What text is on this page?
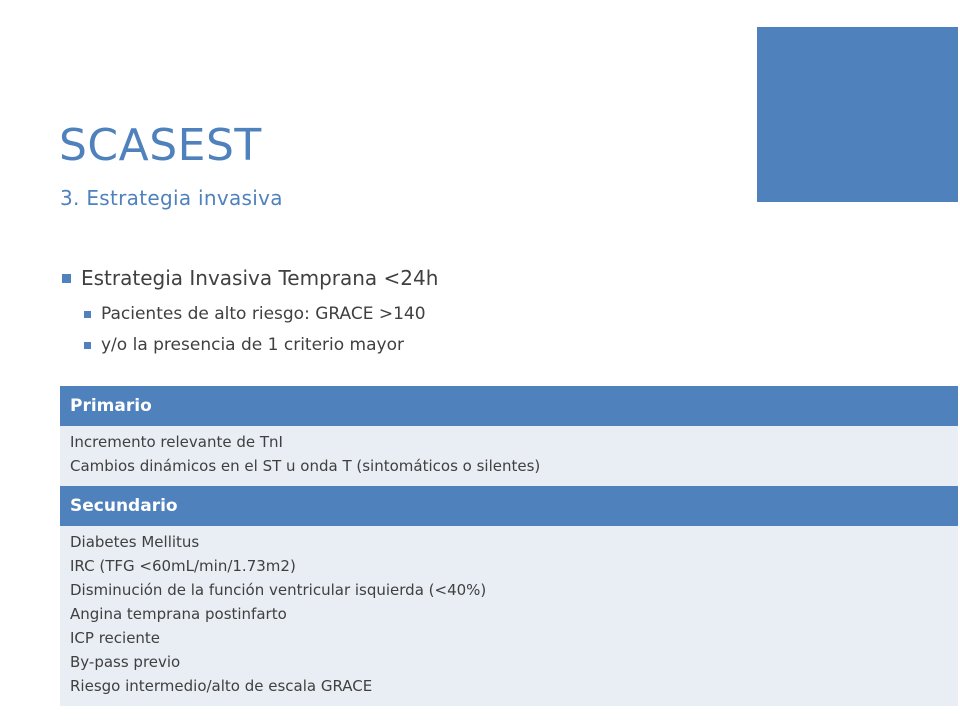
SCASEST
3. Estrategia invasiva
Estrategia Invasiva Temprana <24h
Pacientes de alto riesgo: GRACE >140
y/o la presencia de 1 criterio mayor
Primario
Incremento relevante de TnI
Cambios dinámicos en el ST u onda T (sintomáticos o silentes)
Secundario
Diabetes Mellitus
IRC (TFG <60mL/min/1.73m2)
Disminución de la función ventricular isquierda (<40%)
Angina temprana postinfarto
ICP reciente
By-pass previo
Riesgo intermedio/alto de escala GRACE
